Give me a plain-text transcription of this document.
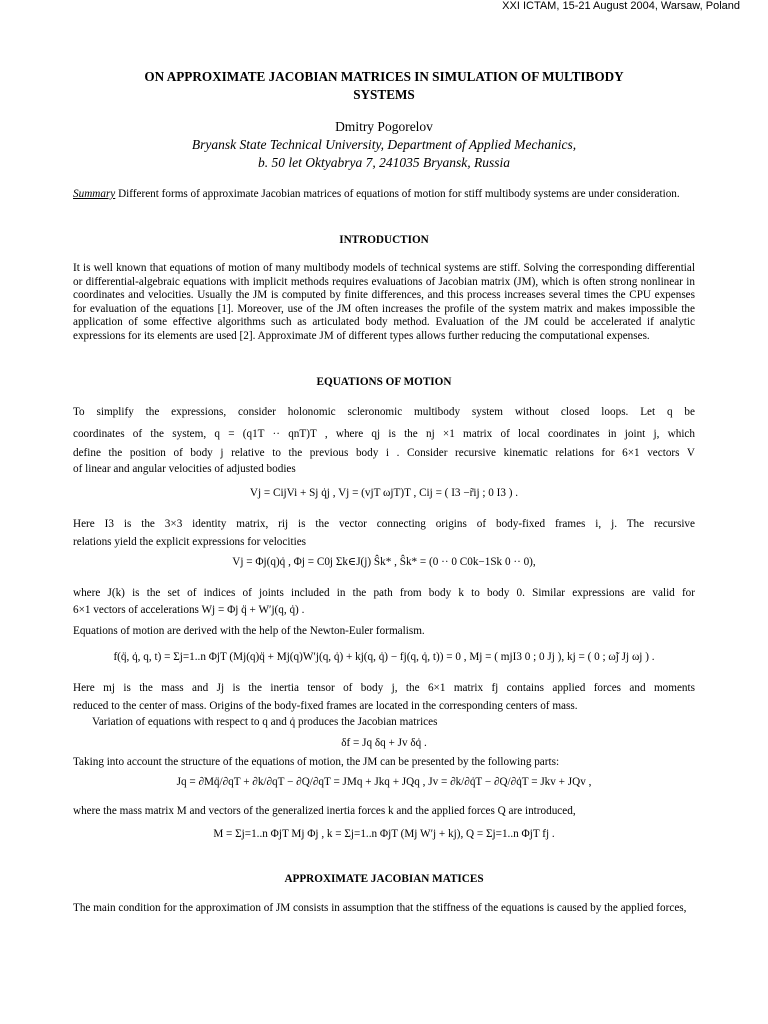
XXI ICTAM, 15-21 August 2004, Warsaw, Poland
ON APPROXIMATE JACOBIAN MATRICES IN SIMULATION OF MULTIBODY
SYSTEMS
Dmitry Pogorelov
Bryansk State Technical University, Department of Applied Mechanics,
b. 50 let Oktyabrya 7, 241035 Bryansk, Russia
Summary Different forms of approximate Jacobian matrices of equations of motion for stiff multibody systems are under consideration.
INTRODUCTION
It is well known that equations of motion of many multibody models of technical systems are stiff. Solving the corresponding differential or differential-algebraic equations with implicit methods requires evaluations of Jacobian matrix (JM), which is often strong nonlinear in coordinates and velocities. Usually the JM is computed by finite differences, and this process increases several times the CPU expenses for evaluation of the equations [1]. Moreover, use of the JM often increases the profile of the system matrix and makes impossible the application of some effective algorithms such as articulated body method. Evaluation of the JM could be accelerated if analytic expressions for its elements are used [2]. Approximate JM of different types allows further reducing the computational expenses.
EQUATIONS OF MOTION
To simplify the expressions, consider holonomic scleronomic multibody system without closed loops. Let q be
coordinates of the system, q = (q1T ·· qnT)T , where qj is the nj ×1 matrix of local coordinates in joint j, which
define the position of body j relative to the previous body i . Consider recursive kinematic relations for 6×1 vectors V
of linear and angular velocities of adjusted bodies
Vj = CijVi + Sj q̇j , Vj = (vjT ωjT)T , Cij = ( I3 −r̃ij ; 0 I3 ) .
Here I3 is the 3×3 identity matrix, rij is the vector connecting origins of body-fixed frames i, j. The recursive
relations yield the explicit expressions for velocities
Vj = Φj(q)q̇ , Φj = C0j Σk∈J(j) Ŝk* , Ŝk* = (0 ·· 0 C0k−1Sk 0 ·· 0),
where J(k) is the set of indices of joints included in the path from body k to body 0. Similar expressions are valid for
6×1 vectors of accelerations Wj = Φj q̈ + W′j(q, q̇) .
Equations of motion are derived with the help of the Newton-Euler formalism.
f(q̈, q̇, q, t) = Σj=1..n ΦjT (Mj(q)q̈ + Mj(q)W′j(q, q̇) + kj(q, q̇) − fj(q, q̇, t)) = 0 , Mj = ( mjI3 0 ; 0 Jj ), kj = ( 0 ; ω̃j Jj ωj ) .
Here mj is the mass and Jj is the inertia tensor of body j, the 6×1 matrix fj contains applied forces and moments
reduced to the center of mass. Origins of the body-fixed frames are located in the corresponding centers of mass.
Variation of equations with respect to q and q̇ produces the Jacobian matrices
δf = Jq δq + Jv δq̇ .
Taking into account the structure of the equations of motion, the JM can be presented by the following parts:
Jq = ∂Mq̈/∂qT + ∂k/∂qT − ∂Q/∂qT = JMq + Jkq + JQq , Jv = ∂k/∂q̇T − ∂Q/∂q̇T = Jkv + JQv ,
where the mass matrix M and vectors of the generalized inertia forces k and the applied forces Q are introduced,
M = Σj=1..n ΦjT Mj Φj , k = Σj=1..n ΦjT (Mj W′j + kj), Q = Σj=1..n ΦjT fj .
APPROXIMATE JACOBIAN MATICES
The main condition for the approximation of JM consists in assumption that the stiffness of the equations is caused by the applied forces,
